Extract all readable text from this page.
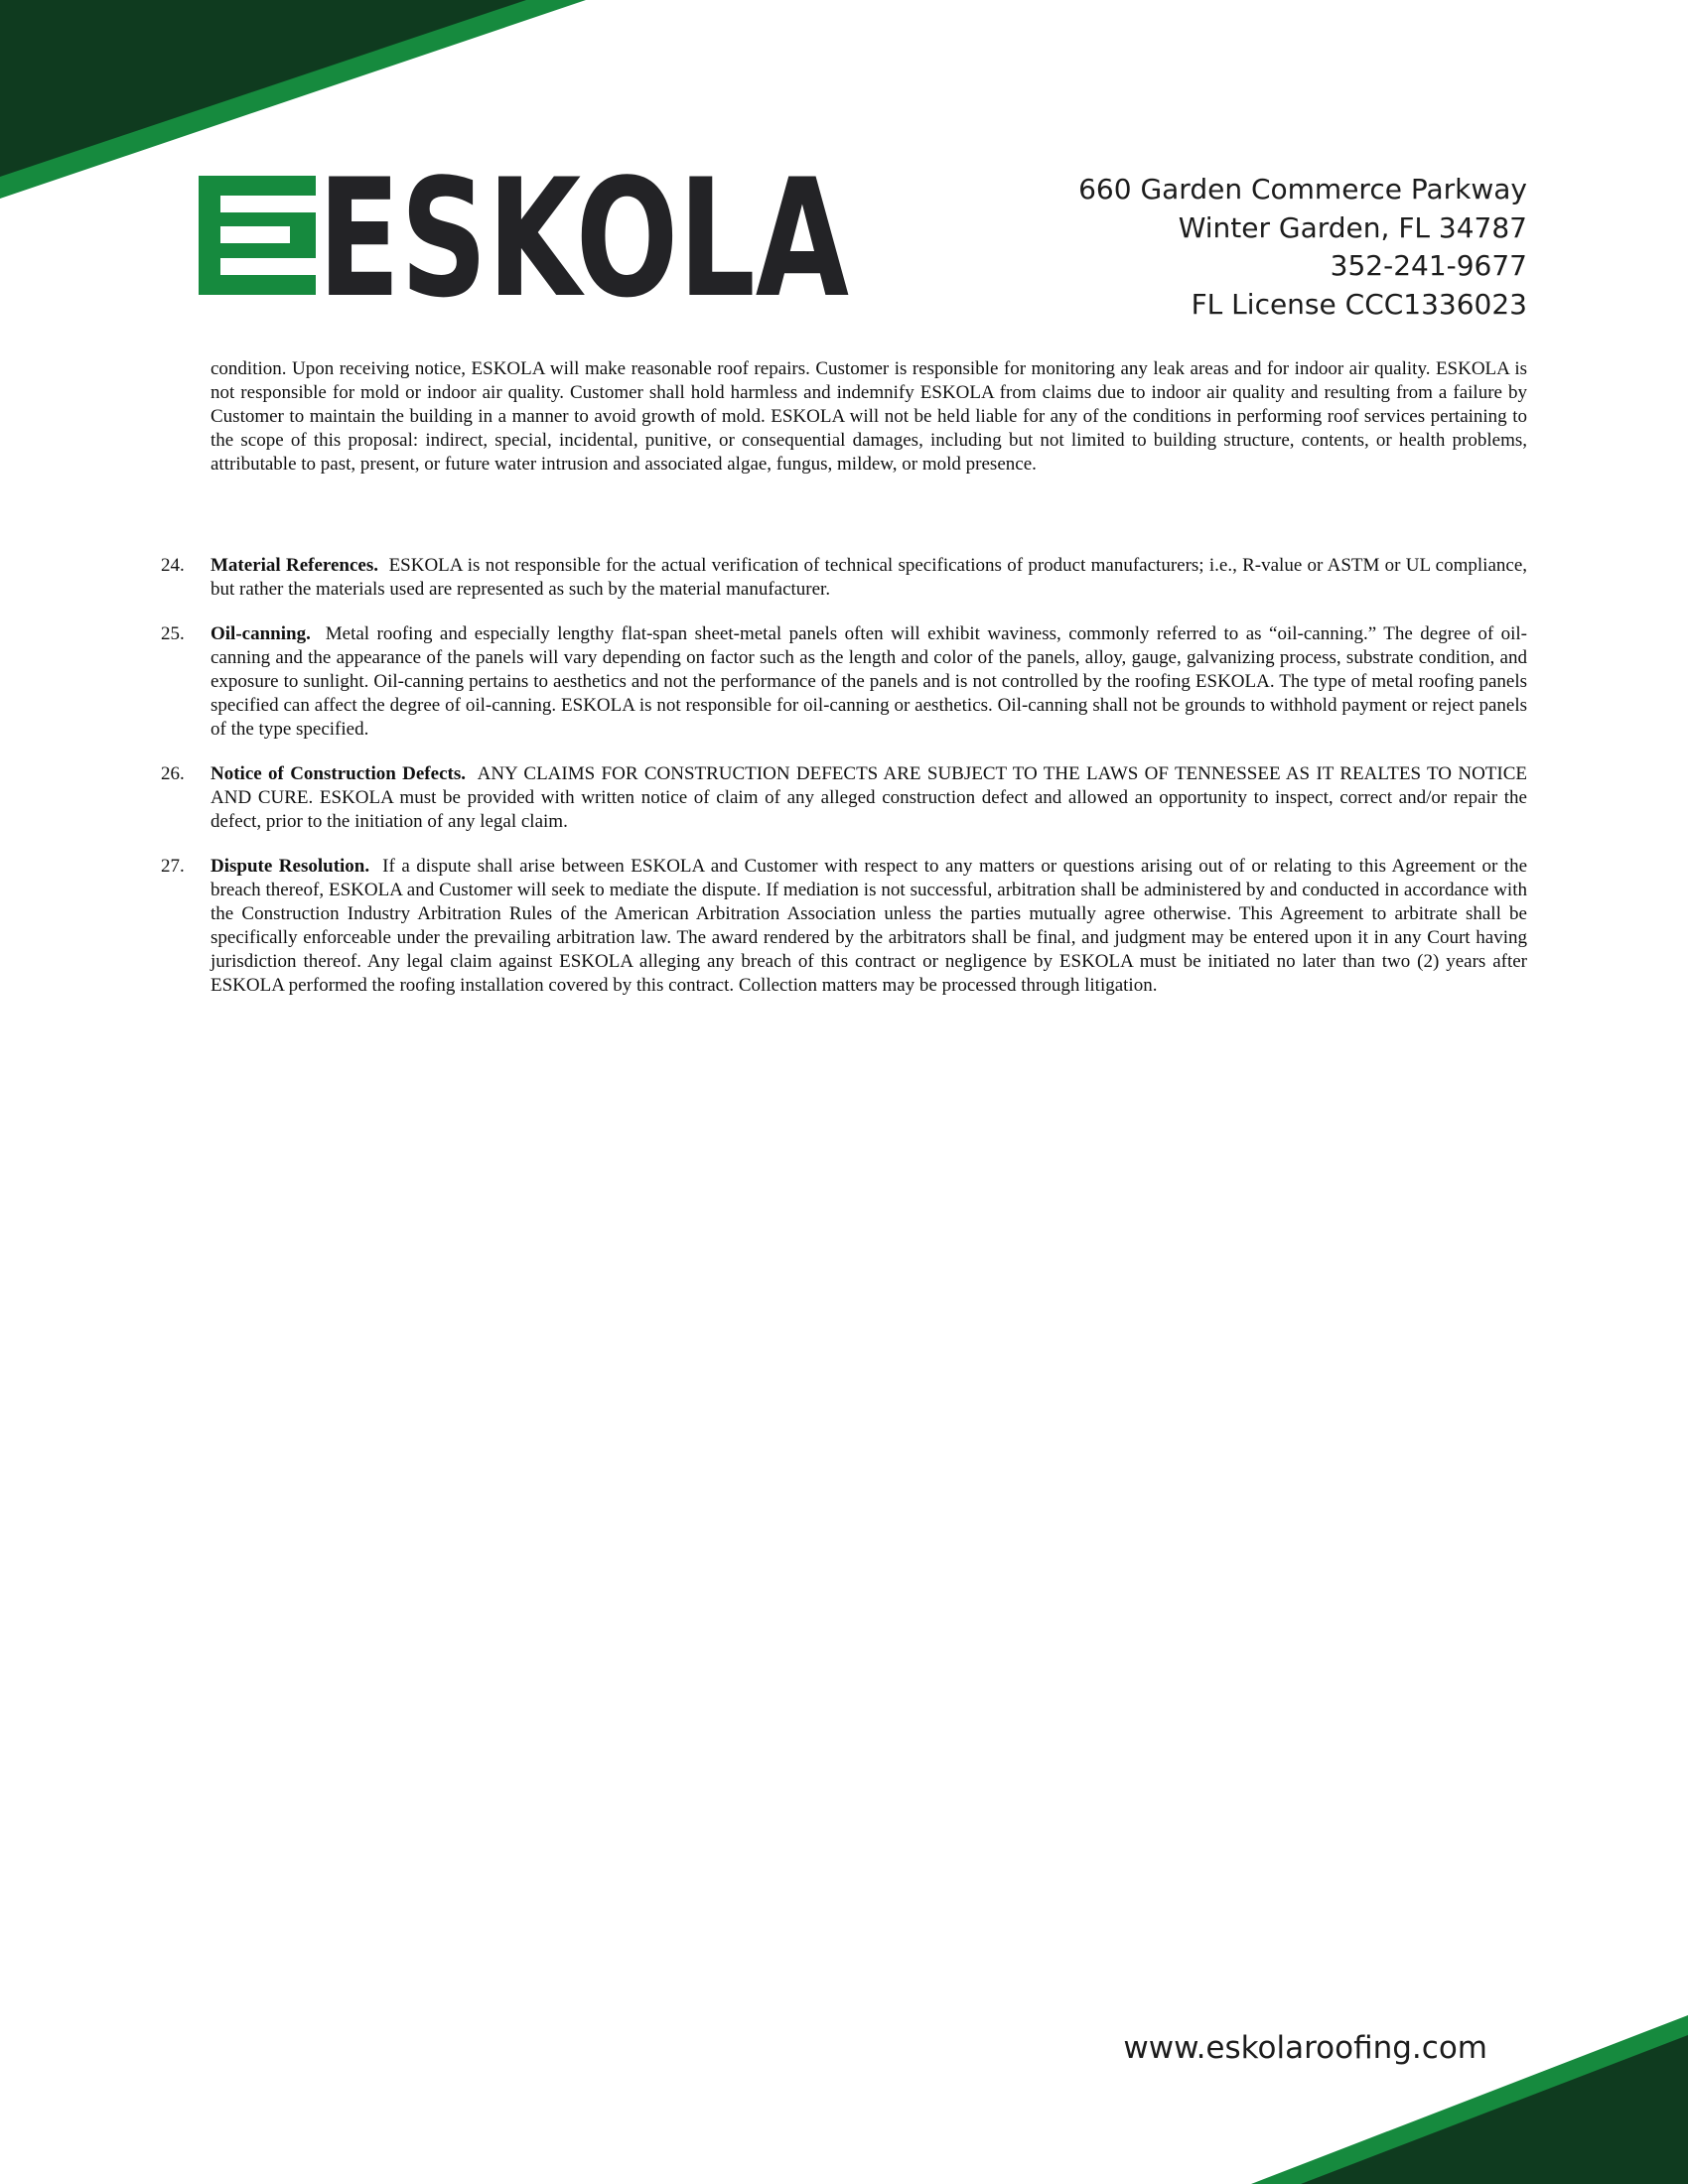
ESKOLA	660 Garden Commerce Parkway
Winter Garden, FL 34787
352-241-9677
FL License CCC1336023
condition. Upon receiving notice, ESKOLA will make reasonable roof repairs. Customer is responsible for monitoring any leak areas and for indoor air quality. ESKOLA is not responsible for mold or indoor air quality. Customer shall hold harmless and indemnify ESKOLA from claims due to indoor air quality and resulting from a failure by Customer to maintain the building in a manner to avoid growth of mold. ESKOLA will not be held liable for any of the conditions in performing roof services pertaining to the scope of this proposal: indirect, special, incidental, punitive, or consequential damages, including but not limited to building structure, contents, or health problems, attributable to past, present, or future water intrusion and associated algae, fungus, mildew, or mold presence.
24.	Material References. ESKOLA is not responsible for the actual verification of technical specifications of product manufacturers; i.e., R-value or ASTM or UL compliance, but rather the materials used are represented as such by the material manufacturer.
25.	Oil-canning. Metal roofing and especially lengthy flat-span sheet-metal panels often will exhibit waviness, commonly referred to as “oil-canning.” The degree of oil-canning and the appearance of the panels will vary depending on factor such as the length and color of the panels, alloy, gauge, galvanizing process, substrate condition, and exposure to sunlight. Oil-canning pertains to aesthetics and not the performance of the panels and is not controlled by the roofing ESKOLA. The type of metal roofing panels specified can affect the degree of oil-canning. ESKOLA is not responsible for oil-canning or aesthetics. Oil-canning shall not be grounds to withhold payment or reject panels of the type specified.
26.	Notice of Construction Defects. ANY CLAIMS FOR CONSTRUCTION DEFECTS ARE SUBJECT TO THE LAWS OF TENNESSEE AS IT REALTES TO NOTICE AND CURE. ESKOLA must be provided with written notice of claim of any alleged construction defect and allowed an opportunity to inspect, correct and/or repair the defect, prior to the initiation of any legal claim.
27.	Dispute Resolution. If a dispute shall arise between ESKOLA and Customer with respect to any matters or questions arising out of or relating to this Agreement or the breach thereof, ESKOLA and Customer will seek to mediate the dispute. If mediation is not successful, arbitration shall be administered by and conducted in accordance with the Construction Industry Arbitration Rules of the American Arbitration Association unless the parties mutually agree otherwise. This Agreement to arbitrate shall be specifically enforceable under the prevailing arbitration law. The award rendered by the arbitrators shall be final, and judgment may be entered upon it in any Court having jurisdiction thereof. Any legal claim against ESKOLA alleging any breach of this contract or negligence by ESKOLA must be initiated no later than two (2) years after ESKOLA performed the roofing installation covered by this contract. Collection matters may be processed through litigation.
www.eskolaroofing.com
